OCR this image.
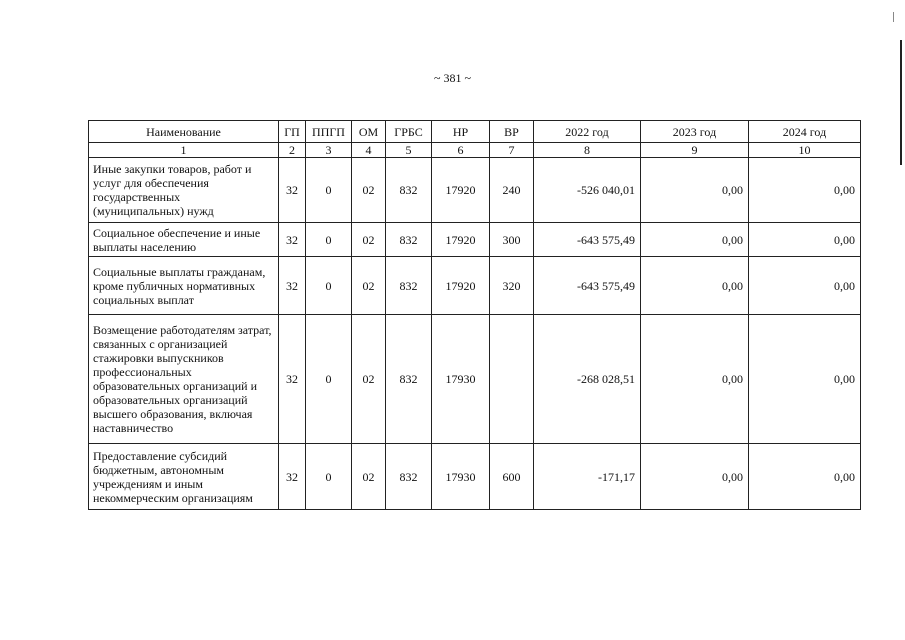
~ 381 ~
Наименование	ГП	ППГП	ОМ	ГРБС	НР	ВР	2022 год	2023 год	2024 год
1	2	3	4	5	6	7	8	9	10
Иные закупки товаров, работ и услуг для обеспечения государственных (муниципальных) нужд	32	0	02	832	17920	240	-526 040,01	0,00	0,00
Социальное обеспечение и иные выплаты населению	32	0	02	832	17920	300	-643 575,49	0,00	0,00
Социальные выплаты гражданам, кроме публичных нормативных социальных выплат	32	0	02	832	17920	320	-643 575,49	0,00	0,00
Возмещение работодателям затрат, связанных с организацией стажировки выпускников профессиональных образовательных организаций и образовательных организаций высшего образования, включая наставничество	32	0	02	832	17930		-268 028,51	0,00	0,00
Предоставление субсидий бюджетным, автономным учреждениям и иным некоммерческим организациям	32	0	02	832	17930	600	-171,17	0,00	0,00
